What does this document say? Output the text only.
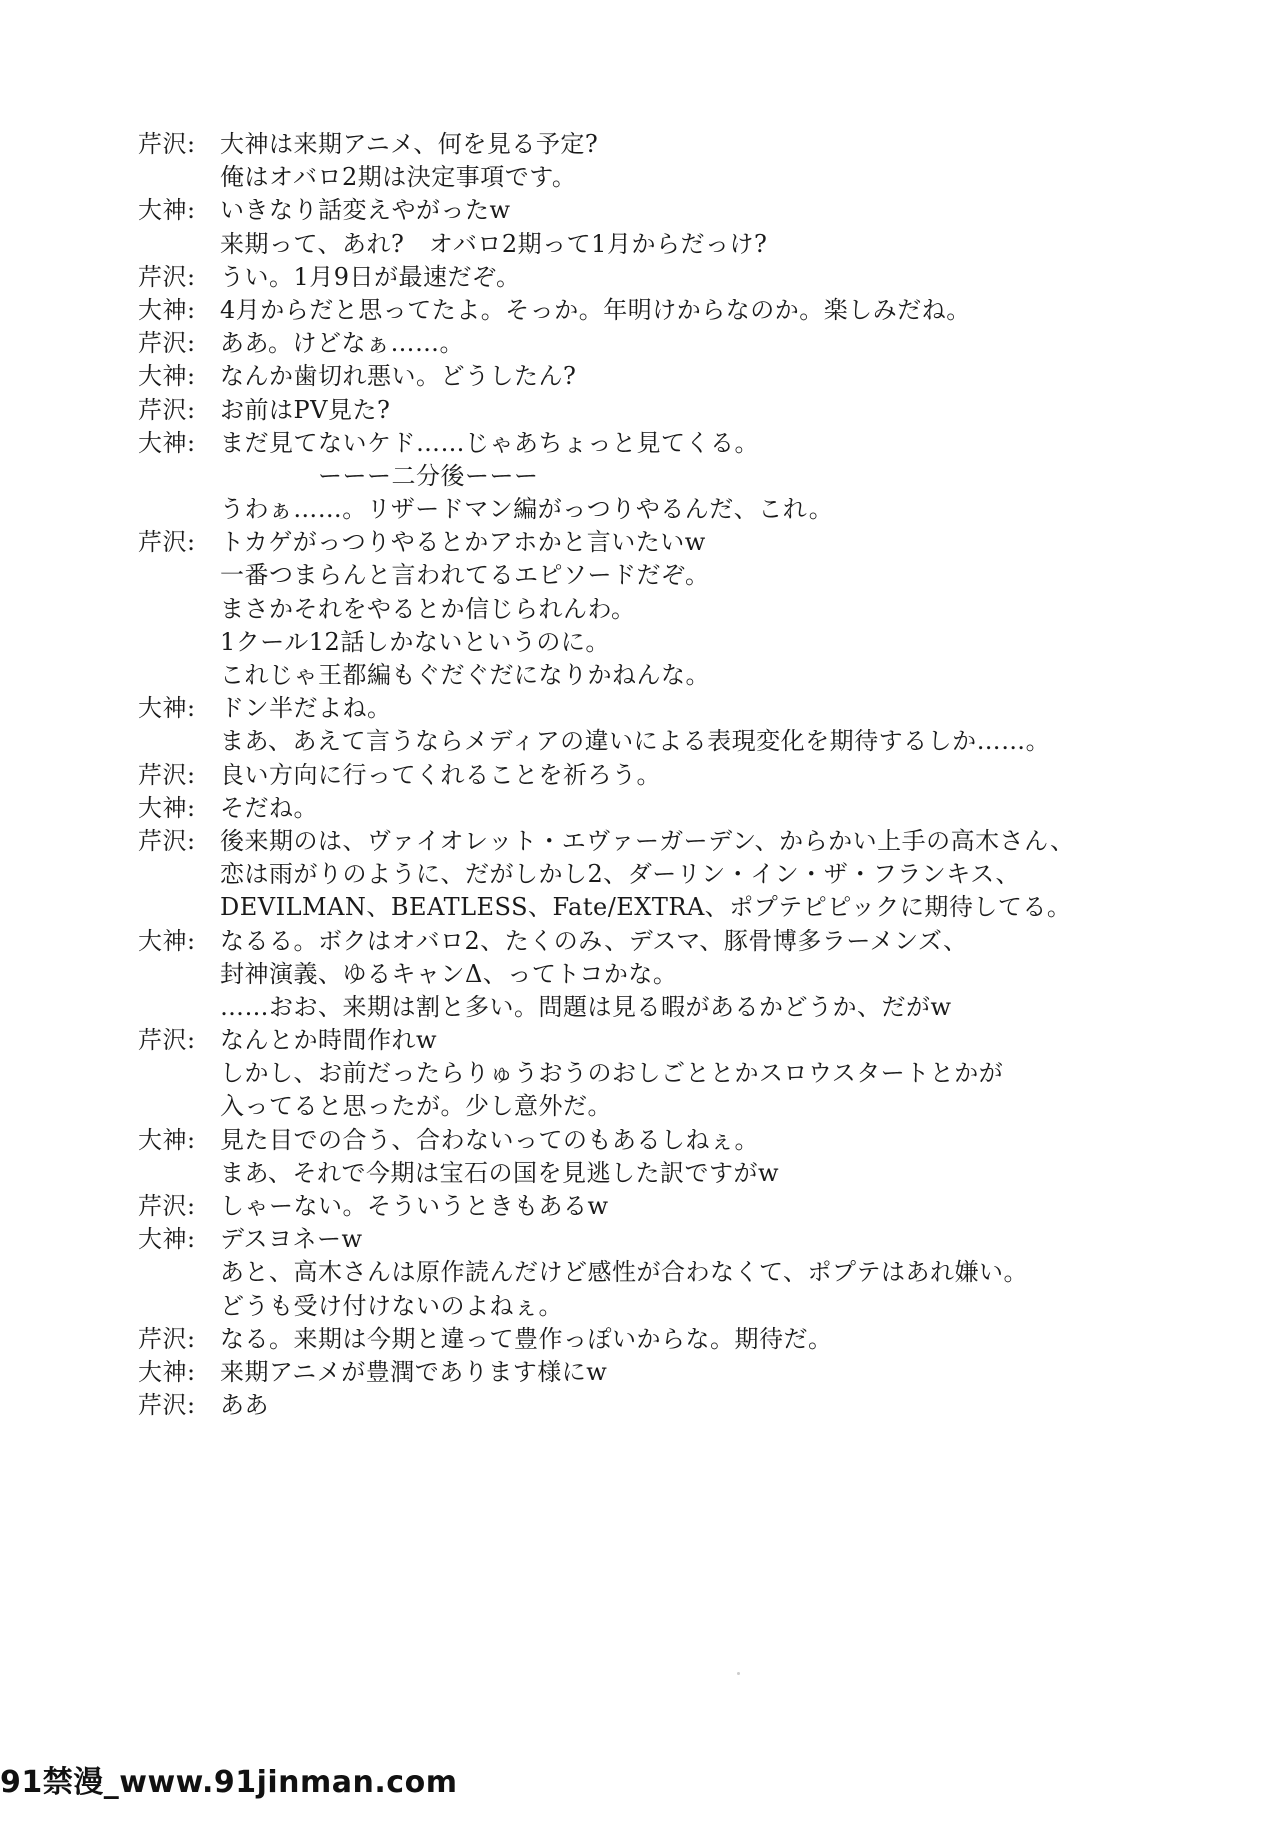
芹沢:	大神は来期アニメ、何を見る予定?
俺はオバロ2期は決定事項です。
大神:	いきなり話変えやがったw
来期って、あれ?　オバロ2期って1月からだっけ?
芹沢:	うい。1月9日が最速だぞ。
大神:	4月からだと思ってたよ。そっか。年明けからなのか。楽しみだね。
芹沢:	ああ。けどなぁ……。
大神:	なんか歯切れ悪い。どうしたん?
芹沢:	お前はPV見た?
大神:	まだ見てないケド……じゃあちょっと見てくる。
　　　　ーーー二分後ーーー
うわぁ……。リザードマン編がっつりやるんだ、これ。
芹沢:	トカゲがっつりやるとかアホかと言いたいw
一番つまらんと言われてるエピソードだぞ。
まさかそれをやるとか信じられんわ。
1クール12話しかないというのに。
これじゃ王都編もぐだぐだになりかねんな。
大神:	ドン半だよね。
まあ、あえて言うならメディアの違いによる表現変化を期待するしか……。
芹沢:	良い方向に行ってくれることを祈ろう。
大神:	そだね。
芹沢:	後来期のは、ヴァイオレット・エヴァーガーデン、からかい上手の高木さん、
恋は雨がりのように、だがしかし2、ダーリン・イン・ザ・フランキス、
DEVILMAN、BEATLESS、Fate/EXTRA、ポプテピピックに期待してる。
大神:	なるる。ボクはオバロ2、たくのみ、デスマ、豚骨博多ラーメンズ、
封神演義、ゆるキャンΔ、ってトコかな。
……おお、来期は割と多い。問題は見る暇があるかどうか、だがw
芹沢:	なんとか時間作れw
しかし、お前だったらりゅうおうのおしごととかスロウスタートとかが
入ってると思ったが。少し意外だ。
大神:	見た目での合う、合わないってのもあるしねぇ。
まあ、それで今期は宝石の国を見逃した訳ですがw
芹沢:	しゃーない。そういうときもあるw
大神:	デスヨネーw
あと、高木さんは原作読んだけど感性が合わなくて、ポプテはあれ嫌い。
どうも受け付けないのよねぇ。
芹沢:	なる。来期は今期と違って豊作っぽいからな。期待だ。
大神:	来期アニメが豊潤であります様にw
芹沢:	ああ
91禁漫_www.91jinman.com
